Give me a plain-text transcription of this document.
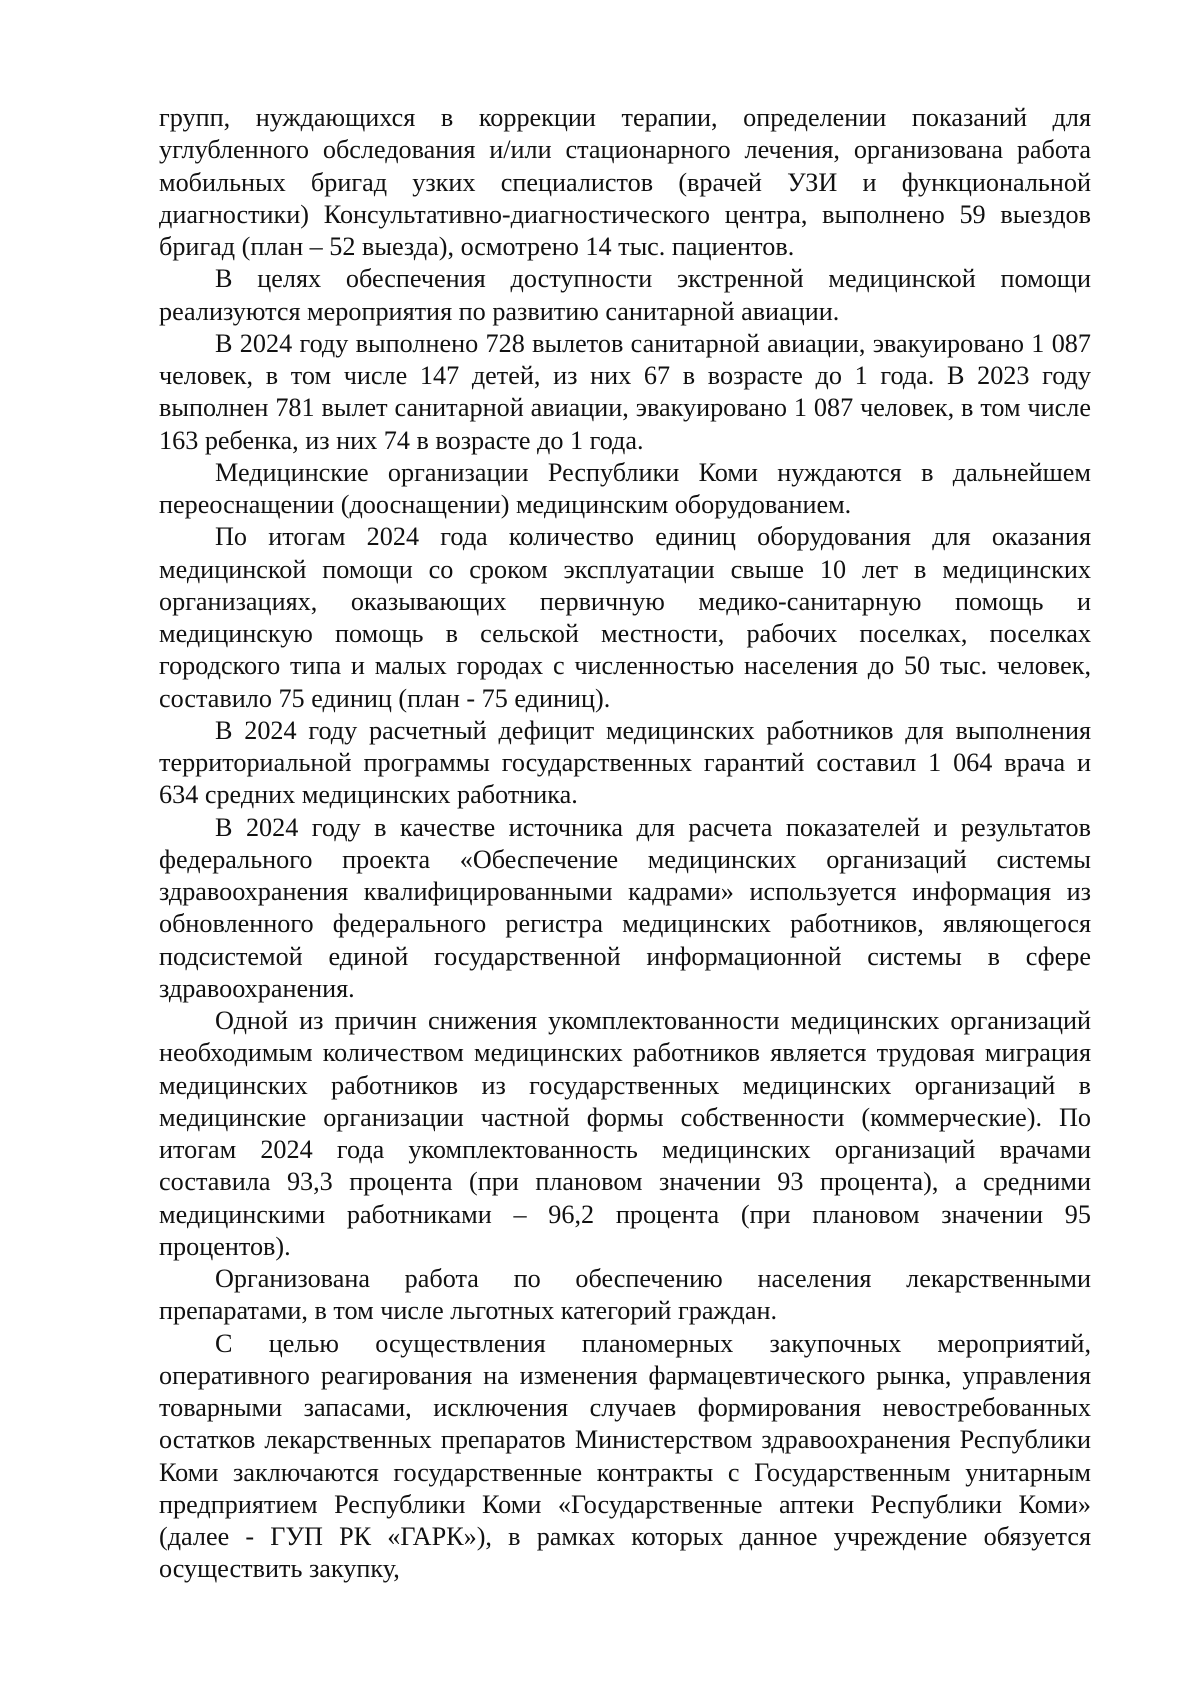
групп, нуждающихся в коррекции терапии, определении показаний для углубленного обследования и/или стационарного лечения, организована работа мобильных бригад узких специалистов (врачей УЗИ и функциональной диагностики) Консультативно-диагностического центра, выполнено 59 выездов бригад (план – 52 выезда), осмотрено 14 тыс. пациентов.

В целях обеспечения доступности экстренной медицинской помощи реализуются мероприятия по развитию санитарной авиации.

В 2024 году выполнено 728 вылетов санитарной авиации, эвакуировано 1 087 человек, в том числе 147 детей, из них 67 в возрасте до 1 года. В 2023 году выполнен 781 вылет санитарной авиации, эвакуировано 1 087 человек, в том числе 163 ребенка, из них 74 в возрасте до 1 года.

Медицинские организации Республики Коми нуждаются в дальнейшем переоснащении (дооснащении) медицинским оборудованием.

По итогам 2024 года количество единиц оборудования для оказания медицинской помощи со сроком эксплуатации свыше 10 лет в медицинских организациях, оказывающих первичную медико-санитарную помощь и медицинскую помощь в сельской местности, рабочих поселках, поселках городского типа и малых городах с численностью населения до 50 тыс. человек, составило 75 единиц (план - 75 единиц).

В 2024 году расчетный дефицит медицинских работников для выполнения территориальной программы государственных гарантий составил 1 064 врача и 634 средних медицинских работника.

В 2024 году в качестве источника для расчета показателей и результатов федерального проекта «Обеспечение медицинских организаций системы здравоохранения квалифицированными кадрами» используется информация из обновленного федерального регистра медицинских работников, являющегося подсистемой единой государственной информационной системы в сфере здравоохранения.

Одной из причин снижения укомплектованности медицинских организаций необходимым количеством медицинских работников является трудовая миграция медицинских работников из государственных медицинских организаций в медицинские организации частной формы собственности (коммерческие). По итогам 2024 года укомплектованность медицинских организаций врачами составила 93,3 процента (при плановом значении 93 процента), а средними медицинскими работниками – 96,2 процента (при плановом значении 95 процентов).

Организована работа по обеспечению населения лекарственными препаратами, в том числе льготных категорий граждан.

С целью осуществления планомерных закупочных мероприятий, оперативного реагирования на изменения фармацевтического рынка, управления товарными запасами, исключения случаев формирования невостребованных остатков лекарственных препаратов Министерством здравоохранения Республики Коми заключаются государственные контракты с Государственным унитарным предприятием Республики Коми «Государственные аптеки Республики Коми» (далее - ГУП РК «ГАРК»), в рамках которых данное учреждение обязуется осуществить закупку,
